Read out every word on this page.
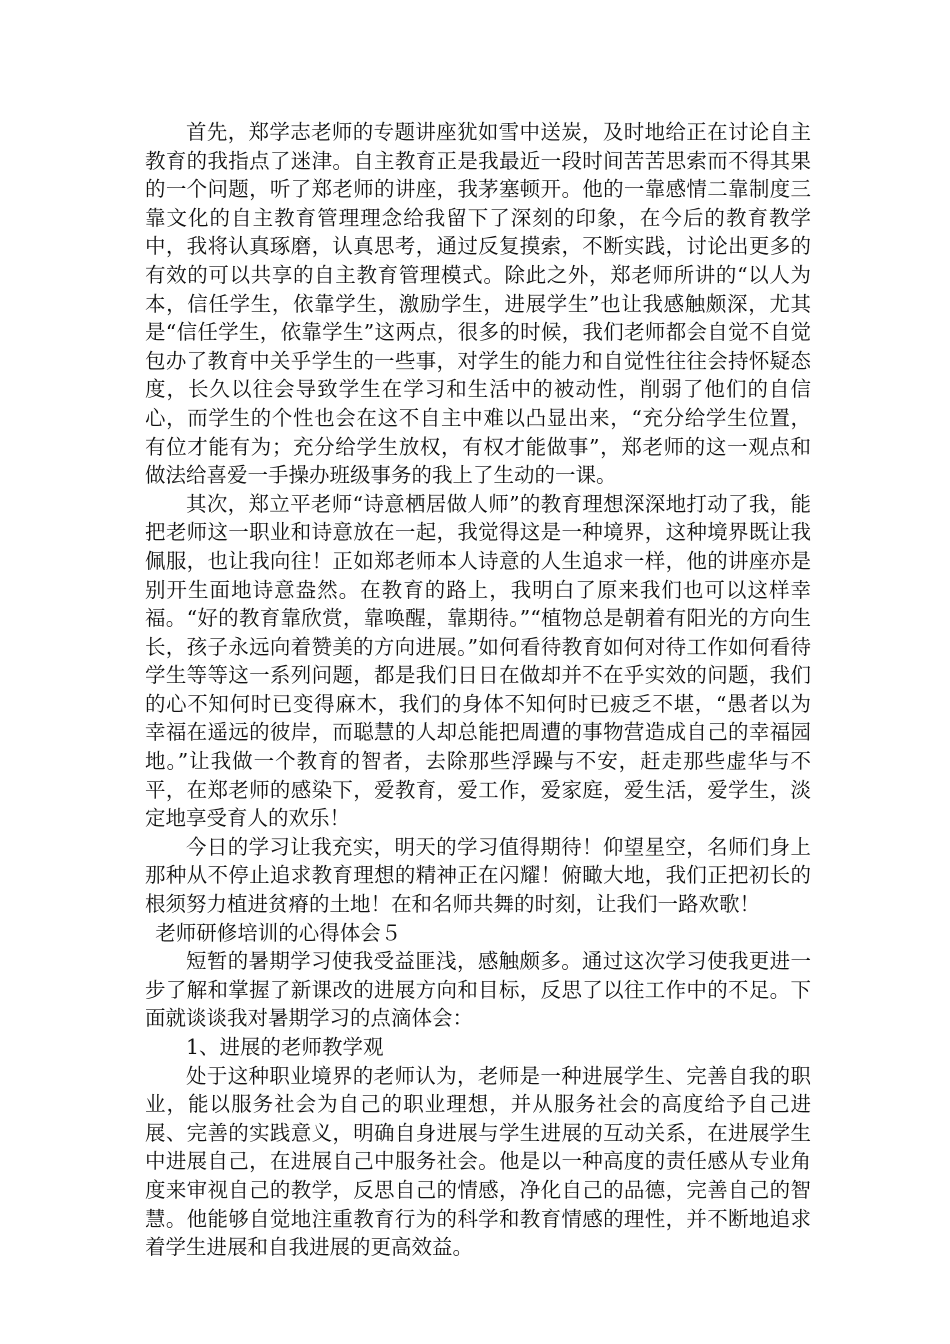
首先，郑学志老师的专题讲座犹如雪中送炭，及时地给正在讨论自主教育的我指点了迷津。自主教育正是我最近一段时间苦苦思索而不得其果的一个问题，听了郑老师的讲座，我茅塞顿开。他的一靠感情二靠制度三靠文化的自主教育管理理念给我留下了深刻的印象，在今后的教育教学中，我将认真琢磨，认真思考，通过反复摸索，不断实践，讨论出更多的有效的可以共享的自主教育管理模式。除此之外，郑老师所讲的“以人为本，信任学生，依靠学生，激励学生，进展学生”也让我感触颇深，尤其是“信任学生，依靠学生”这两点，很多的时候，我们老师都会自觉不自觉包办了教育中关乎学生的一些事，对学生的能力和自觉性往往会持怀疑态度，长久以往会导致学生在学习和生活中的被动性，削弱了他们的自信心，而学生的个性也会在这不自主中难以凸显出来，“充分给学生位置，有位才能有为；充分给学生放权，有权才能做事”，郑老师的这一观点和做法给喜爱一手操办班级事务的我上了生动的一课。

其次，郑立平老师“诗意栖居做人师”的教育理想深深地打动了我，能把老师这一职业和诗意放在一起，我觉得这是一种境界，这种境界既让我佩服，也让我向往！正如郑老师本人诗意的人生追求一样，他的讲座亦是别开生面地诗意盎然。在教育的路上，我明白了原来我们也可以这样幸福。“好的教育靠欣赏，靠唤醒，靠期待。”“植物总是朝着有阳光的方向生长，孩子永远向着赞美的方向进展。”如何看待教育如何对待工作如何看待学生等等这一系列问题，都是我们日日在做却并不在乎实效的问题，我们的心不知何时已变得麻木，我们的身体不知何时已疲乏不堪，“愚者以为幸福在遥远的彼岸，而聪慧的人却总能把周遭的事物营造成自己的幸福园地。”让我做一个教育的智者，去除那些浮躁与不安，赶走那些虚华与不平，在郑老师的感染下，爱教育，爱工作，爱家庭，爱生活，爱学生，淡定地享受育人的欢乐！

今日的学习让我充实，明天的学习值得期待！仰望星空，名师们身上那种从不停止追求教育理想的精神正在闪耀！俯瞰大地，我们正把初长的根须努力植进贫瘠的土地！在和名师共舞的时刻，让我们一路欢歌！

老师研修培训的心得体会５

短暂的暑期学习使我受益匪浅，感触颇多。通过这次学习使我更进一步了解和掌握了新课改的进展方向和目标，反思了以往工作中的不足。下面就谈谈我对暑期学习的点滴体会：

1、进展的老师教学观

处于这种职业境界的老师认为，老师是一种进展学生、完善自我的职业，能以服务社会为自己的职业理想，并从服务社会的高度给予自己进展、完善的实践意义，明确自身进展与学生进展的互动关系，在进展学生中进展自己，在进展自己中服务社会。他是以一种高度的责任感从专业角度来审视自己的教学，反思自己的情感，净化自己的品德，完善自己的智慧。他能够自觉地注重教育行为的科学和教育情感的理性，并不断地追求着学生进展和自我进展的更高效益。
